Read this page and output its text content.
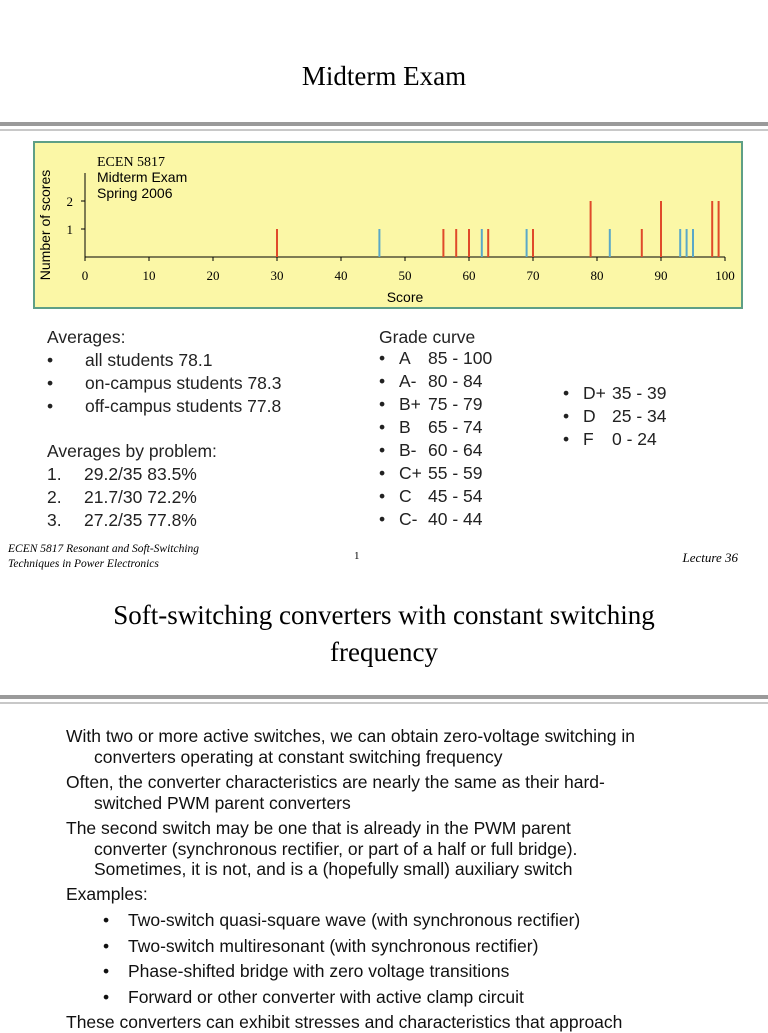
Midterm Exam
ECEN 5817
Midterm Exam
Spring 2006
0	10	20	30	40	50	60	70	80	90	100
1
2
Score
Number of scores
Averages:
• all students 78.1
• on-campus students 78.3
• off-campus students 77.8
Averages by problem:
1. 29.2/35 83.5%
2. 21.7/30 72.2%
3. 27.2/35 77.8%
Grade curve
• A 85 - 100
• A- 80 - 84
• B+ 75 - 79
• B 65 - 74
• B- 60 - 64
• C+ 55 - 59
• C 45 - 54
• C- 40 - 44
• D+ 35 - 39
• D 25 - 34
• F 0 - 24
ECEN 5817 Resonant and Soft-Switching
Techniques in Power Electronics
1	Lecture 36
Soft-switching converters with constant switching
frequency
With two or more active switches, we can obtain zero-voltage switching in
converters operating at constant switching frequency
Often, the converter characteristics are nearly the same as their hard-
switched PWM parent converters
The second switch may be one that is already in the PWM parent
converter (synchronous rectifier, or part of a half or full bridge).
Sometimes, it is not, and is a (hopefully small) auxiliary switch
Examples:
• Two-switch quasi-square wave (with synchronous rectifier)
• Two-switch multiresonant (with synchronous rectifier)
• Phase-shifted bridge with zero voltage transitions
• Forward or other converter with active clamp circuit
These converters can exhibit stresses and characteristics that approach
